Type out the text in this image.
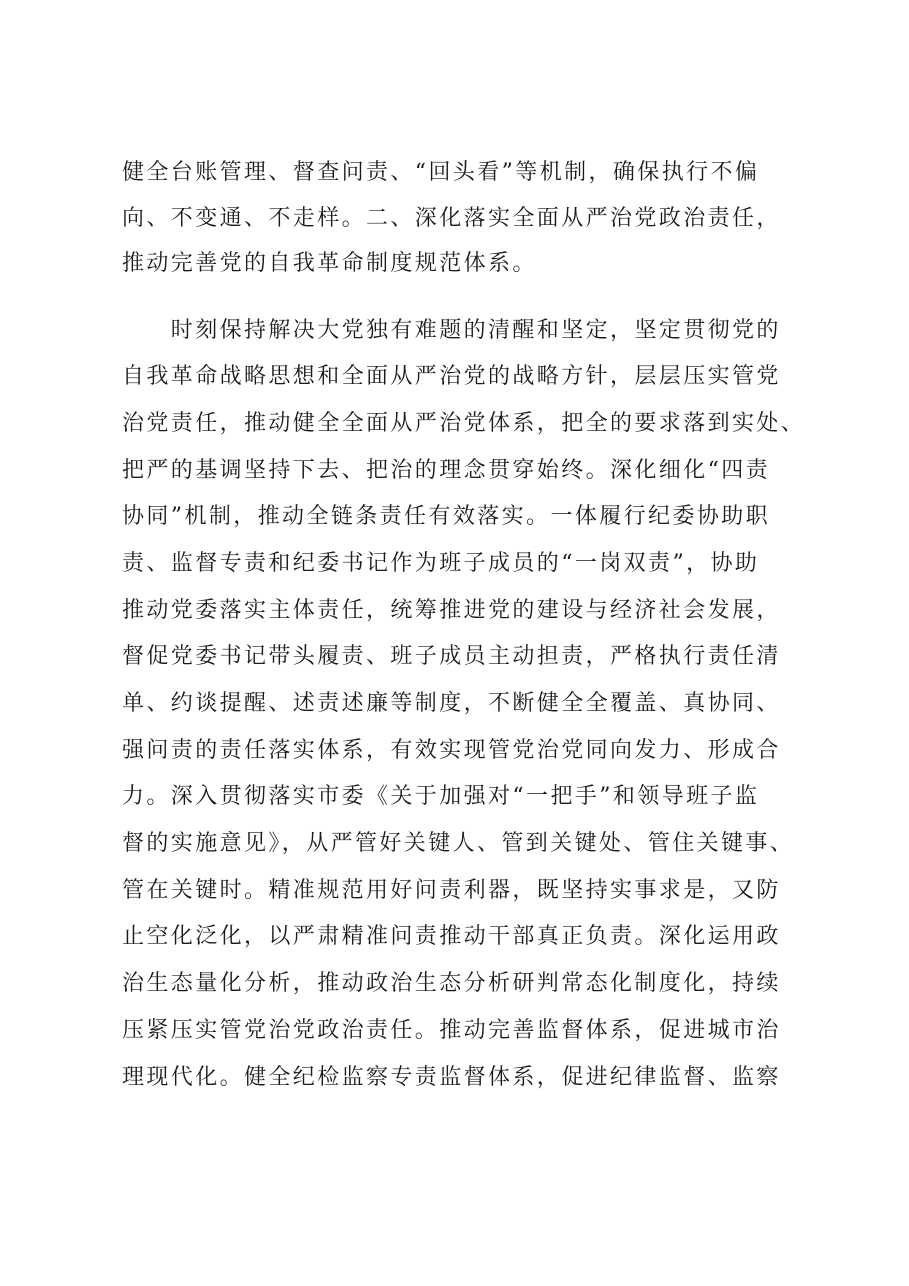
健全台账管理、督查问责、“回头看”等机制，确保执行不偏
向、不变通、不走样。二、深化落实全面从严治党政治责任，
推动完善党的自我革命制度规范体系。
　　时刻保持解决大党独有难题的清醒和坚定，坚定贯彻党的
自我革命战略思想和全面从严治党的战略方针，层层压实管党
治党责任，推动健全全面从严治党体系，把全的要求落到实处、
把严的基调坚持下去、把治的理念贯穿始终。深化细化“四责
协同”机制，推动全链条责任有效落实。一体履行纪委协助职
责、监督专责和纪委书记作为班子成员的“一岗双责”，协助
推动党委落实主体责任，统筹推进党的建设与经济社会发展，
督促党委书记带头履责、班子成员主动担责，严格执行责任清
单、约谈提醒、述责述廉等制度，不断健全全覆盖、真协同、
强问责的责任落实体系，有效实现管党治党同向发力、形成合
力。深入贯彻落实市委《关于加强对“一把手”和领导班子监
督的实施意见》，从严管好关键人、管到关键处、管住关键事、
管在关键时。精准规范用好问责利器，既坚持实事求是，又防
止空化泛化，以严肃精准问责推动干部真正负责。深化运用政
治生态量化分析，推动政治生态分析研判常态化制度化，持续
压紧压实管党治党政治责任。推动完善监督体系，促进城市治
理现代化。健全纪检监察专责监督体系，促进纪律监督、监察
